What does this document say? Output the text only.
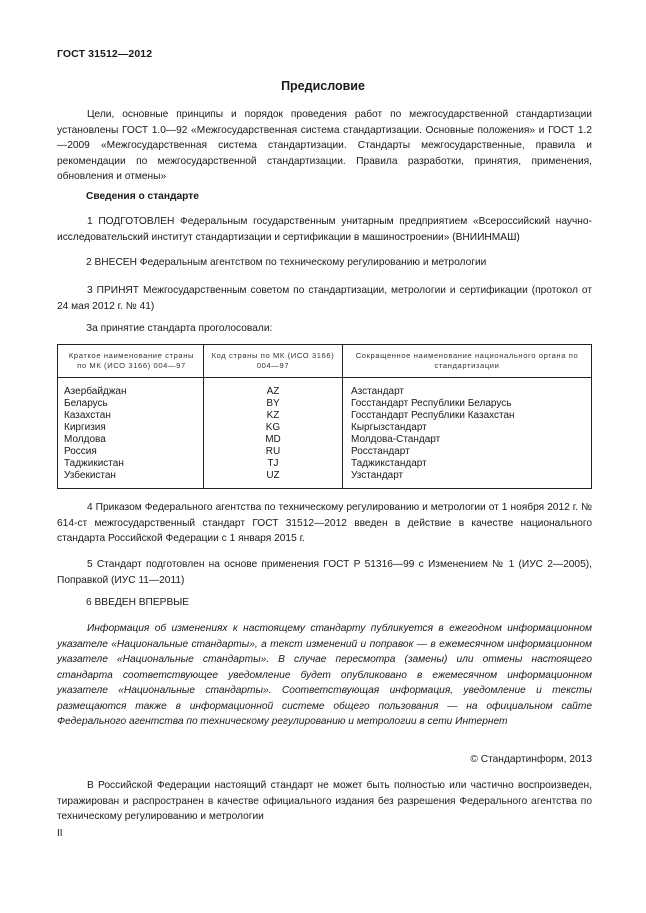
ГОСТ 31512—2012
Предисловие
Цели, основные принципы и порядок проведения работ по межгосударственной стандартизации установлены ГОСТ 1.0—92 «Межгосударственная система стандартизации. Основные положения» и ГОСТ 1.2—2009 «Межгосударственная система стандартизации. Стандарты межгосударственные, правила и рекомендации по межгосударственной стандартизации. Правила разработки, принятия, применения, обновления и отмены»
Сведения о стандарте
1 ПОДГОТОВЛЕН Федеральным государственным унитарным предприятием «Всероссийский научно-исследовательский институт стандартизации и сертификации в машиностроении» (ВНИИНМАШ)
2 ВНЕСЕН Федеральным агентством по техническому регулированию и метрологии
3 ПРИНЯТ Межгосударственным советом по стандартизации, метрологии и сертификации (протокол от 24 мая 2012 г. № 41)
За принятие стандарта проголосовали:
Краткое наименование страны по МК (ИСО 3166) 004—97	Код страны по МК (ИСО 3166) 004—97	Сокращенное наименование национального органа по стандартизации
Азербайджан	AZ	Азстандарт
Беларусь	BY	Госстандарт Республики Беларусь
Казахстан	KZ	Госстандарт Республики Казахстан
Киргизия	KG	Кыргызстандарт
Молдова	MD	Молдова-Стандарт
Россия	RU	Росстандарт
Таджикистан	TJ	Таджикстандарт
Узбекистан	UZ	Узстандарт
4 Приказом Федерального агентства по техническому регулированию и метрологии от 1 ноября 2012 г. № 614-ст межгосударственный стандарт ГОСТ 31512—2012 введен в действие в качестве национального стандарта Российской Федерации с 1 января 2015 г.
5 Стандарт подготовлен на основе применения ГОСТ Р 51316—99 с Изменением № 1 (ИУС 2—2005), Поправкой (ИУС 11—2011)
6 ВВЕДЕН ВПЕРВЫЕ
Информация об изменениях к настоящему стандарту публикуется в ежегодном информационном указателе «Национальные стандарты», а текст изменений и поправок — в ежемесячном информационном указателе «Национальные стандарты». В случае пересмотра (замены) или отмены настоящего стандарта соответствующее уведомление будет опубликовано в ежемесячном информационном указателе «Национальные стандарты». Соответствующая информация, уведомление и тексты размещаются также в информационной системе общего пользования — на официальном сайте Федерального агентства по техническому регулированию и метрологии в сети Интернет
© Стандартинформ, 2013
В Российской Федерации настоящий стандарт не может быть полностью или частично воспроизведен, тиражирован и распространен в качестве официального издания без разрешения Федерального агентства по техническому регулированию и метрологии
II
